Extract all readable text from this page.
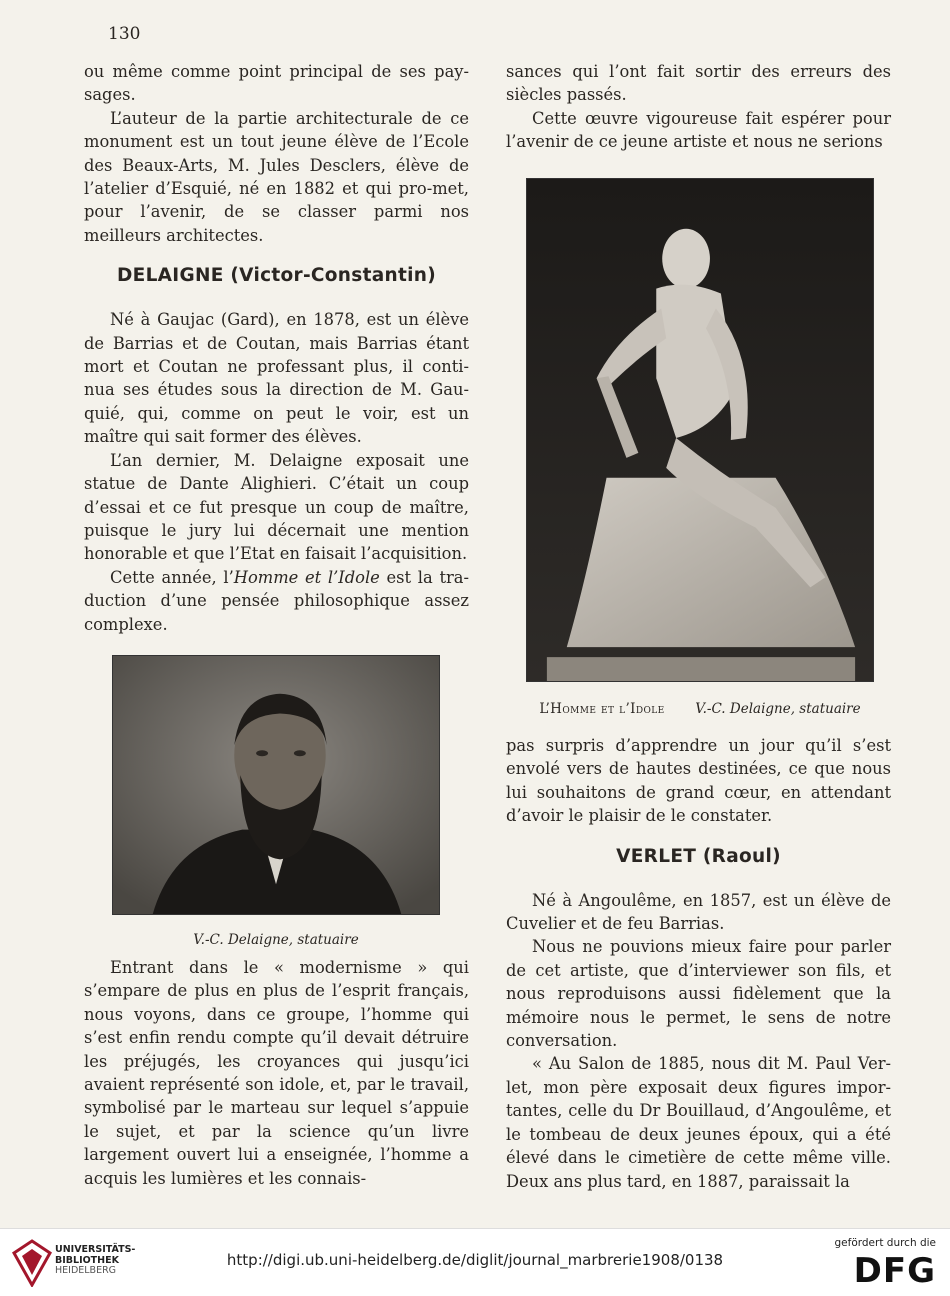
130

ou même comme point principal de ses pay-sages.

L’auteur de la partie architecturale de ce monument est un tout jeune élève de l’Ecole des Beaux-Arts, M. Jules Desclers, élève de l’atelier d’Esquié, né en 1882 et qui pro-met, pour l’avenir, de se classer parmi nos meilleurs architectes.

DELAIGNE (Victor-Constantin)

Né à Gaujac (Gard), en 1878, est un élève de Barrias et de Coutan, mais Barrias étant mort et Coutan ne professant plus, il conti-nua ses études sous la direction de M. Gau-quié, qui, comme on peut le voir, est un maître qui sait former des élèves.

L’an dernier, M. Delaigne exposait une statue de Dante Alighieri. C’était un coup d’essai et ce fut presque un coup de maître, puisque le jury lui décernait une mention honorable et que l’Etat en faisait l’acquisition.

Cette année, l’Homme et l’Idole est la tra-duction d’une pensée philosophique assez complexe.

V.-C. Delaigne, statuaire

Entrant dans le « modernisme » qui s’empare de plus en plus de l’esprit français, nous voyons, dans ce groupe, l’homme qui s’est enfin rendu compte qu’il devait détruire les préjugés, les croyances qui jusqu’ici avaient représenté son idole, et, par le travail, symbolisé par le marteau sur lequel s’appuie le sujet, et par la science qu’un livre largement ouvert lui a enseignée, l’homme a acquis les lumières et les connais-

sances qui l’ont fait sortir des erreurs des siècles passés.

Cette œuvre vigoureuse fait espérer pour l’avenir de ce jeune artiste et nous ne serions

L’Homme et l’Idole V.-C. Delaigne, statuaire

pas surpris d’apprendre un jour qu’il s’est envolé vers de hautes destinées, ce que nous lui souhaitons de grand cœur, en attendant d’avoir le plaisir de le constater.

VERLET (Raoul)

Né à Angoulême, en 1857, est un élève de Cuvelier et de feu Barrias.

Nous ne pouvions mieux faire pour parler de cet artiste, que d’interviewer son fils, et nous reproduisons aussi fidèlement que la mémoire nous le permet, le sens de notre conversation.

« Au Salon de 1885, nous dit M. Paul Ver-let, mon père exposait deux figures impor-tantes, celle du Dr Bouillaud, d’Angoulême, et le tombeau de deux jeunes époux, qui a été élevé dans le cimetière de cette même ville. Deux ans plus tard, en 1887, paraissait la

UNIVERSITÄTS-
BIBLIOTHEK
HEIDELBERG
http://digi.ub.uni-heidelberg.de/diglit/journal_marbrerie1908/0138
gefördert durch die
DFG
